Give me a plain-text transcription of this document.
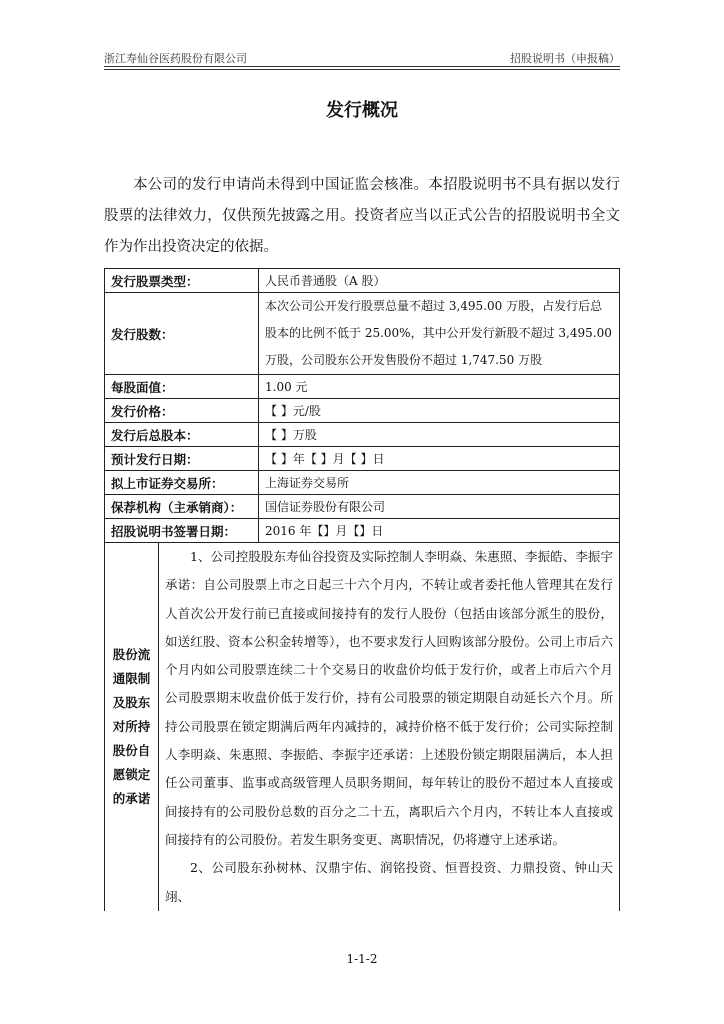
浙江寿仙谷医药股份有限公司	招股说明书（申报稿）
发行概况
本公司的发行申请尚未得到中国证监会核准。本招股说明书不具有据以发行股票的法律效力，仅供预先披露之用。投资者应当以正式公告的招股说明书全文作为作出投资决定的依据。
发行股票类型：		人民币普通股（A 股）
发行股数：		本次公司公开发行股票总量不超过 3,495.00 万股，占发行后总股本的比例不低于 25.00%，其中公开发行新股不超过 3,495.00 万股，公司股东公开发售股份不超过 1,747.50 万股
每股面值：		1.00 元
发行价格：		【 】元/股
发行后总股本：		【 】万股
预计发行日期：		【 】年【 】月【 】日
拟上市证券交易所：		上海证券交易所
保荐机构（主承销商）：		国信证券股份有限公司
招股说明书签署日期：		2016 年【】月【】日
股份流通限制及股东对所持股份自愿锁定的承诺	1、公司控股股东寿仙谷投资及实际控制人李明焱、朱惠照、李振皓、李振宇承诺：自公司股票上市之日起三十六个月内，不转让或者委托他人管理其在发行人首次公开发行前已直接或间接持有的发行人股份（包括由该部分派生的股份，如送红股、资本公积金转增等），也不要求发行人回购该部分股份。公司上市后六个月内如公司股票连续二十个交易日的收盘价均低于发行价，或者上市后六个月公司股票期末收盘价低于发行价，持有公司股票的锁定期限自动延长六个月。所持公司股票在锁定期满后两年内减持的，减持价格不低于发行价；公司实际控制人李明焱、朱惠照、李振皓、李振宇还承诺：上述股份锁定期限届满后，本人担任公司董事、监事或高级管理人员职务期间，每年转让的股份不超过本人直接或间接持有的公司股份总数的百分之二十五，离职后六个月内，不转让本人直接或间接持有的公司股份。若发生职务变更、离职情况，仍将遵守上述承诺。
2、公司股东孙树林、汉鼎宇佑、润铭投资、恒晋投资、力鼎投资、钟山天翊、	
1-1-2
